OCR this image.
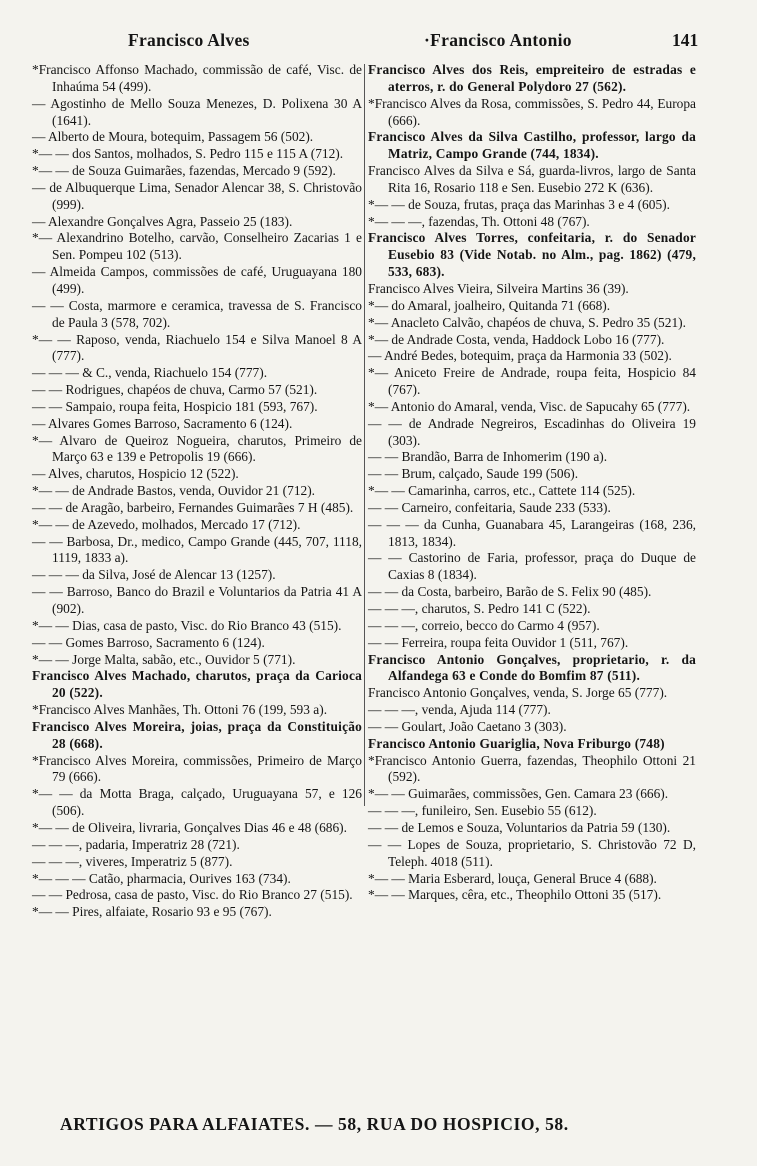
Francisco Alves	·Francisco Antonio	141
*Francisco Affonso Machado, commissão de café, Visc. de Inhaúma 54 (499).
— Agostinho de Mello Souza Menezes, D. Polixena 30 A (1641).
— Alberto de Moura, botequim, Passagem 56 (502).
*— — dos Santos, molhados, S. Pedro 115 e 115 A (712).
*— — de Souza Guimarães, fazendas, Mercado 9 (592).
— de Albuquerque Lima, Senador Alencar 38, S. Christovão (999).
— Alexandre Gonçalves Agra, Passeio 25 (183).
*— Alexandrino Botelho, carvão, Conselheiro Zacarias 1 e Sen. Pompeu 102 (513).
— Almeida Campos, commissões de café, Uruguayana 180 (499).
— — Costa, marmore e ceramica, travessa de S. Francisco de Paula 3 (578, 702).
*— — Raposo, venda, Riachuelo 154 e Silva Manoel 8 A (777).
— — — & C., venda, Riachuelo 154 (777).
— — Rodrigues, chapéos de chuva, Carmo 57 (521).
— — Sampaio, roupa feita, Hospicio 181 (593, 767).
— Alvares Gomes Barroso, Sacramento 6 (124).
*— Alvaro de Queiroz Nogueira, charutos, Primeiro de Março 63 e 139 e Petropolis 19 (666).
— Alves, charutos, Hospicio 12 (522).
*— — de Andrade Bastos, venda, Ouvidor 21 (712).
— — de Aragão, barbeiro, Fernandes Guimarães 7 H (485).
*— — de Azevedo, molhados, Mercado 17 (712).
— — Barbosa, Dr., medico, Campo Grande (445, 707, 1118, 1119, 1833 a).
— — — da Silva, José de Alencar 13 (1257).
— — Barroso, Banco do Brazil e Voluntarios da Patria 41 A (902).
*— — Dias, casa de pasto, Visc. do Rio Branco 43 (515).
— — Gomes Barroso, Sacramento 6 (124).
*— — Jorge Malta, sabão, etc., Ouvidor 5 (771).
Francisco Alves Machado, charutos, praça da Carioca 20 (522).
*Francisco Alves Manhães, Th. Ottoni 76 (199, 593 a).
Francisco Alves Moreira, joias, praça da Constituição 28 (668).
*Francisco Alves Moreira, commissões, Primeiro de Março 79 (666).
*— — da Motta Braga, calçado, Uruguayana 57, e 126 (506).
*— — de Oliveira, livraria, Gonçalves Dias 46 e 48 (686).
— — —, padaria, Imperatriz 28 (721).
— — —, viveres, Imperatriz 5 (877).
*— — — Catão, pharmacia, Ourives 163 (734).
— — Pedrosa, casa de pasto, Visc. do Rio Branco 27 (515).
*— — Pires, alfaiate, Rosario 93 e 95 (767).
Francisco Alves dos Reis, empreiteiro de estradas e aterros, r. do General Polydoro 27 (562).
*Francisco Alves da Rosa, commissões, S. Pedro 44, Europa (666).
Francisco Alves da Silva Castilho, professor, largo da Matriz, Campo Grande (744, 1834).
Francisco Alves da Silva e Sá, guarda-livros, largo de Santa Rita 16, Rosario 118 e Sen. Eusebio 272 K (636).
*— — de Souza, frutas, praça das Marinhas 3 e 4 (605).
*— — —, fazendas, Th. Ottoni 48 (767).
Francisco Alves Torres, confeitaria, r. do Senador Eusebio 83 (Vide Notab. no Alm., pag. 1862) (479, 533, 683).
Francisco Alves Vieira, Silveira Martins 36 (39).
*— do Amaral, joalheiro, Quitanda 71 (668).
*— Anacleto Calvão, chapéos de chuva, S. Pedro 35 (521).
*— de Andrade Costa, venda, Haddock Lobo 16 (777).
— André Bedes, botequim, praça da Harmonia 33 (502).
*— Aniceto Freire de Andrade, roupa feita, Hospicio 84 (767).
*— Antonio do Amaral, venda, Visc. de Sapucahy 65 (777).
— — de Andrade Negreiros, Escadinhas do Oliveira 19 (303).
— — Brandão, Barra de Inhomerim (190 a).
— — Brum, calçado, Saude 199 (506).
*— — Camarinha, carros, etc., Cattete 114 (525).
— — Carneiro, confeitaria, Saude 233 (533).
— — — da Cunha, Guanabara 45, Larangeiras (168, 236, 1813, 1834).
— — Castorino de Faria, professor, praça do Duque de Caxias 8 (1834).
— — da Costa, barbeiro, Barão de S. Felix 90 (485).
— — —, charutos, S. Pedro 141 C (522).
— — —, correio, becco do Carmo 4 (957).
— — Ferreira, roupa feita Ouvidor 1 (511, 767).
Francisco Antonio Gonçalves, proprietario, r. da Alfandega 63 e Conde do Bomfim 87 (511).
Francisco Antonio Gonçalves, venda, S. Jorge 65 (777).
— — —, venda, Ajuda 114 (777).
— — Goulart, João Caetano 3 (303).
Francisco Antonio Guariglia, Nova Friburgo (748)
*Francisco Antonio Guerra, fazendas, Theophilo Ottoni 21 (592).
*— — Guimarães, commissões, Gen. Camara 23 (666).
— — —, funileiro, Sen. Eusebio 55 (612).
— — de Lemos e Souza, Voluntarios da Patria 59 (130).
— — Lopes de Souza, proprietario, S. Christovão 72 D, Teleph. 4018 (511).
*— — Maria Esberard, louça, General Bruce 4 (688).
*— — Marques, cêra, etc., Theophilo Ottoni 35 (517).
ARTIGOS PARA ALFAIATES. — 58, RUA DO HOSPICIO, 58.
